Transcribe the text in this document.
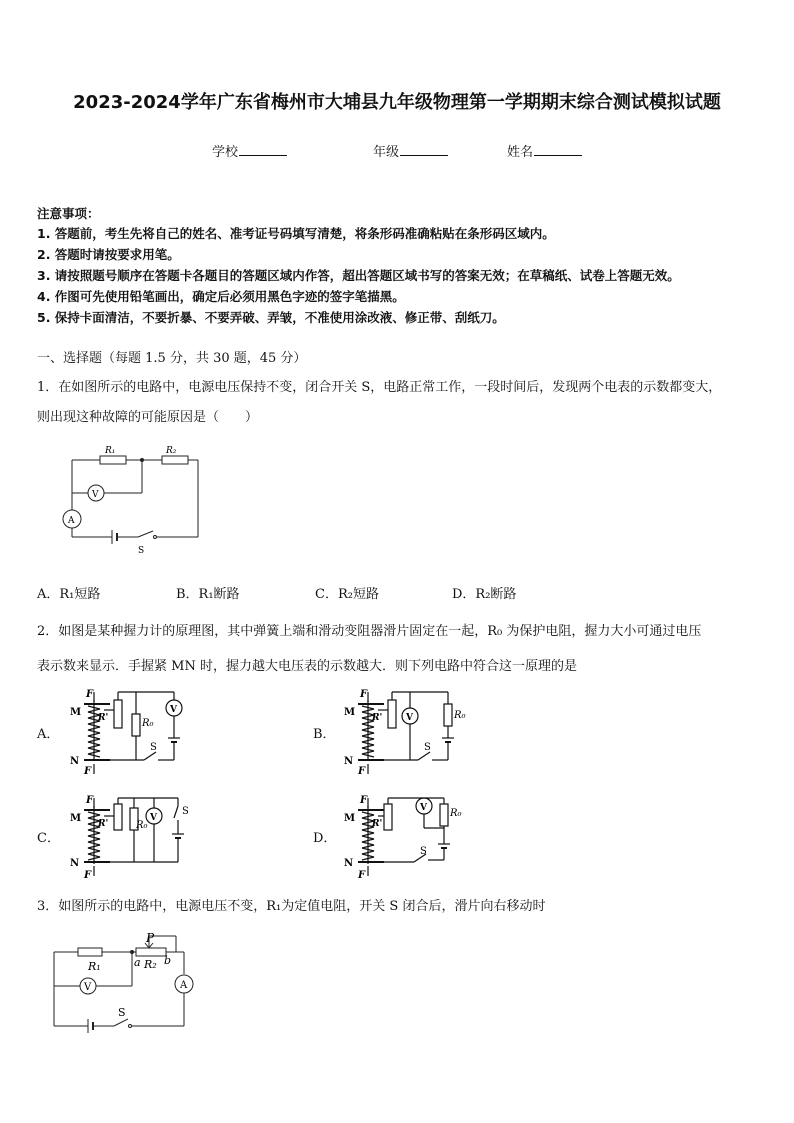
2023-2024学年广东省梅州市大埔县九年级物理第一学期期末综合测试模拟试题
学校	年级	姓名
注意事项：
1. 答题前，考生先将自己的姓名、准考证号码填写清楚，将条形码准确粘贴在条形码区域内。
2. 答题时请按要求用笔。
3. 请按照题号顺序在答题卡各题目的答题区域内作答，超出答题区域书写的答案无效；在草稿纸、试卷上答题无效。
4. 作图可先使用铅笔画出，确定后必须用黑色字迹的签字笔描黑。
5. 保持卡面清洁，不要折暴、不要弄破、弄皱，不准使用涂改液、修正带、刮纸刀。
一、选择题（每题 1.5 分，共 30 题，45 分）
1．在如图所示的电路中，电源电压保持不变，闭合开关 S，电路正常工作，一段时间后，发现两个电表的示数都变大，
则出现这种故障的可能原因是（　　）
R₁	R₂
V
A
S
A．R₁短路	B．R₁断路	C．R₂短路	D．R₂断路
2．如图是某种握力计的原理图，其中弹簧上端和滑动变阻器滑片固定在一起，R₀ 为保护电阻，握力大小可通过电压
表示数来显示．手握紧 MN 时，握力越大电压表的示数越大．则下列电路中符合这一原理的是
A．	B．
C．	D．
F
M R'	R₀
V
S
N
F
F
M R'	V	R₀
S
N
F
F
M R'	R₀
V
S
N
F
F
M R'
V R₀
S
N
F
3．如图所示的电路中，电源电压不变，R₁为定值电阻，开关 S 闭合后，滑片向右移动时
P
R₁	a R₂ b
V	A
S
